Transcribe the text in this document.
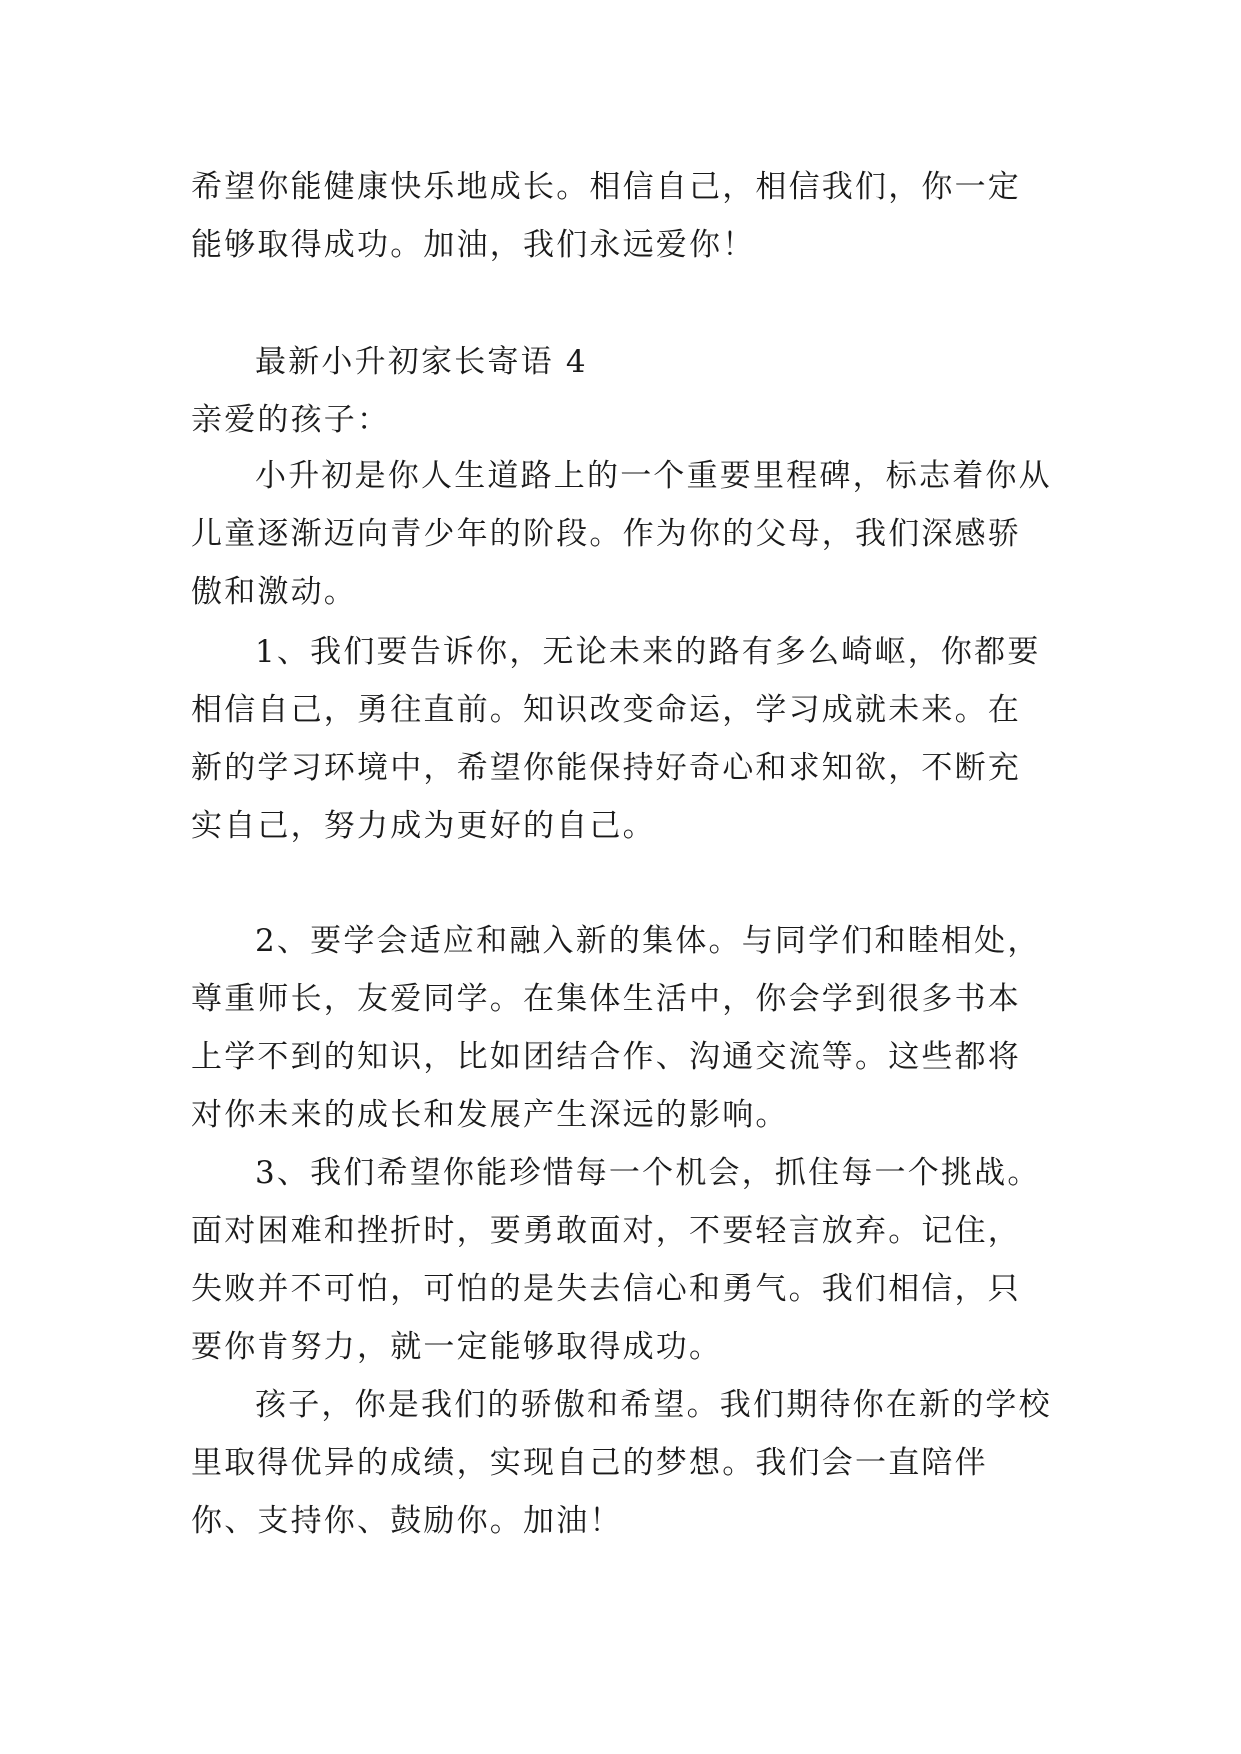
希望你能健康快乐地成长。相信自己，相信我们，你一定能够取得成功。加油，我们永远爱你！

最新小升初家长寄语 4

亲爱的孩子：

小升初是你人生道路上的一个重要里程碑，标志着你从儿童逐渐迈向青少年的阶段。作为你的父母，我们深感骄傲和激动。

1、我们要告诉你，无论未来的路有多么崎岖，你都要相信自己，勇往直前。知识改变命运，学习成就未来。在新的学习环境中，希望你能保持好奇心和求知欲，不断充实自己，努力成为更好的自己。

2、要学会适应和融入新的集体。与同学们和睦相处，尊重师长，友爱同学。在集体生活中，你会学到很多书本上学不到的知识，比如团结合作、沟通交流等。这些都将对你未来的成长和发展产生深远的影响。

3、我们希望你能珍惜每一个机会，抓住每一个挑战。面对困难和挫折时，要勇敢面对，不要轻言放弃。记住，失败并不可怕，可怕的是失去信心和勇气。我们相信，只要你肯努力，就一定能够取得成功。

孩子，你是我们的骄傲和希望。我们期待你在新的学校里取得优异的成绩，实现自己的梦想。我们会一直陪伴你、支持你、鼓励你。加油！
